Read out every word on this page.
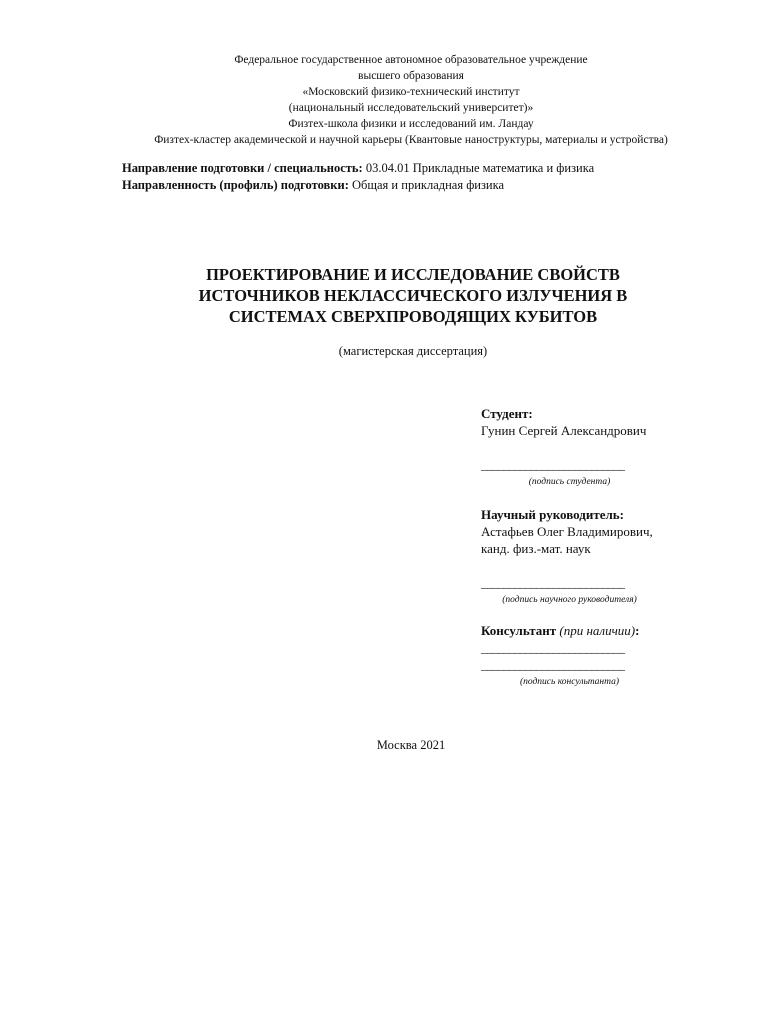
Федеральное государственное автономное образовательное учреждение
высшего образования
«Московский физико-технический институт
(национальный исследовательский университет)»
Физтех-школа физики и исследований им. Ландау
Физтех-кластер академической и научной карьеры (Квантовые наноструктуры, материалы и устройства)
Направление подготовки / специальность: 03.04.01 Прикладные математика и физика
Направленность (профиль) подготовки: Общая и прикладная физика
ПРОЕКТИРОВАНИЕ И ИССЛЕДОВАНИЕ СВОЙСТВ
ИСТОЧНИКОВ НЕКЛАССИЧЕСКОГО ИЗЛУЧЕНИЯ В
СИСТЕМАХ СВЕРХПРОВОДЯЩИХ КУБИТОВ
(магистерская диссертация)
Студент:
Гунин Сергей Александрович
__________________________
(подпись студента)
Научный руководитель:
Астафьев Олег Владимирович,
канд. физ.-мат. наук
__________________________
(подпись научного руководителя)
Консультант (при наличии):
__________________________
__________________________
(подпись консультанта)
Москва 2021
